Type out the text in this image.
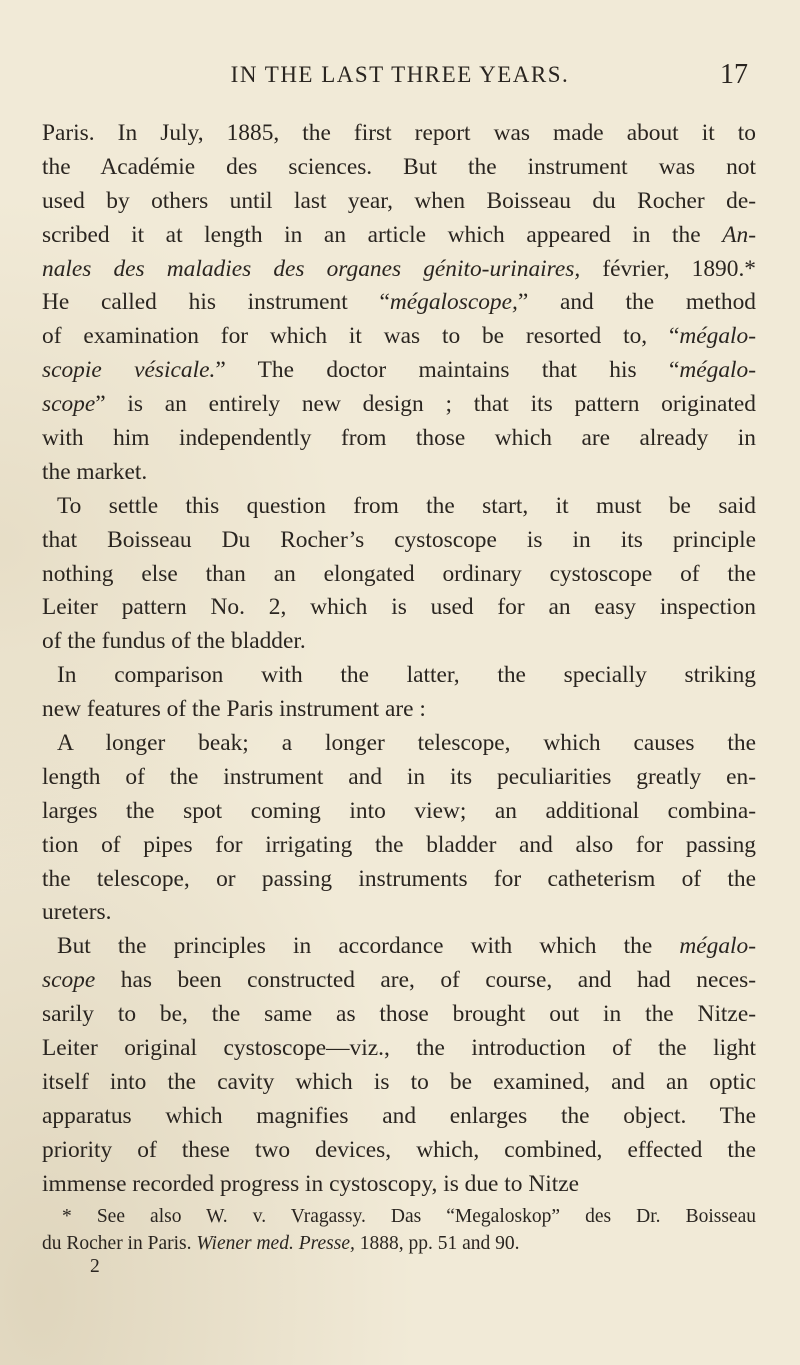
IN THE LAST THREE YEARS.	17
Paris. In July, 1885, the first report was made about it to
the Académie des sciences. But the instrument was not
used by others until last year, when Boisseau du Rocher de-
scribed it at length in an article which appeared in the An-
nales des maladies des organes génito-urinaires, février, 1890.*
He called his instrument “mégaloscope,” and the method
of examination for which it was to be resorted to, “mégalo-
scopie vésicale.” The doctor maintains that his “mégalo-
scope” is an entirely new design ; that its pattern originated
with him independently from those which are already in
the market.
To settle this question from the start, it must be said
that Boisseau Du Rocher’s cystoscope is in its principle
nothing else than an elongated ordinary cystoscope of the
Leiter pattern No. 2, which is used for an easy inspection
of the fundus of the bladder.
In comparison with the latter, the specially striking
new features of the Paris instrument are :
A longer beak; a longer telescope, which causes the
length of the instrument and in its peculiarities greatly en-
larges the spot coming into view; an additional combina-
tion of pipes for irrigating the bladder and also for passing
the telescope, or passing instruments for catheterism of the
ureters.
But the principles in accordance with which the mégalo-
scope has been constructed are, of course, and had neces-
sarily to be, the same as those brought out in the Nitze-
Leiter original cystoscope—viz., the introduction of the light
itself into the cavity which is to be examined, and an optic
apparatus which magnifies and enlarges the object. The
priority of these two devices, which, combined, effected the
immense recorded progress in cystoscopy, is due to Nitze
* See also W. v. Vragassy. Das “Megaloskop” des Dr. Boisseau
du Rocher in Paris. Wiener med. Presse, 1888, pp. 51 and 90.
2
